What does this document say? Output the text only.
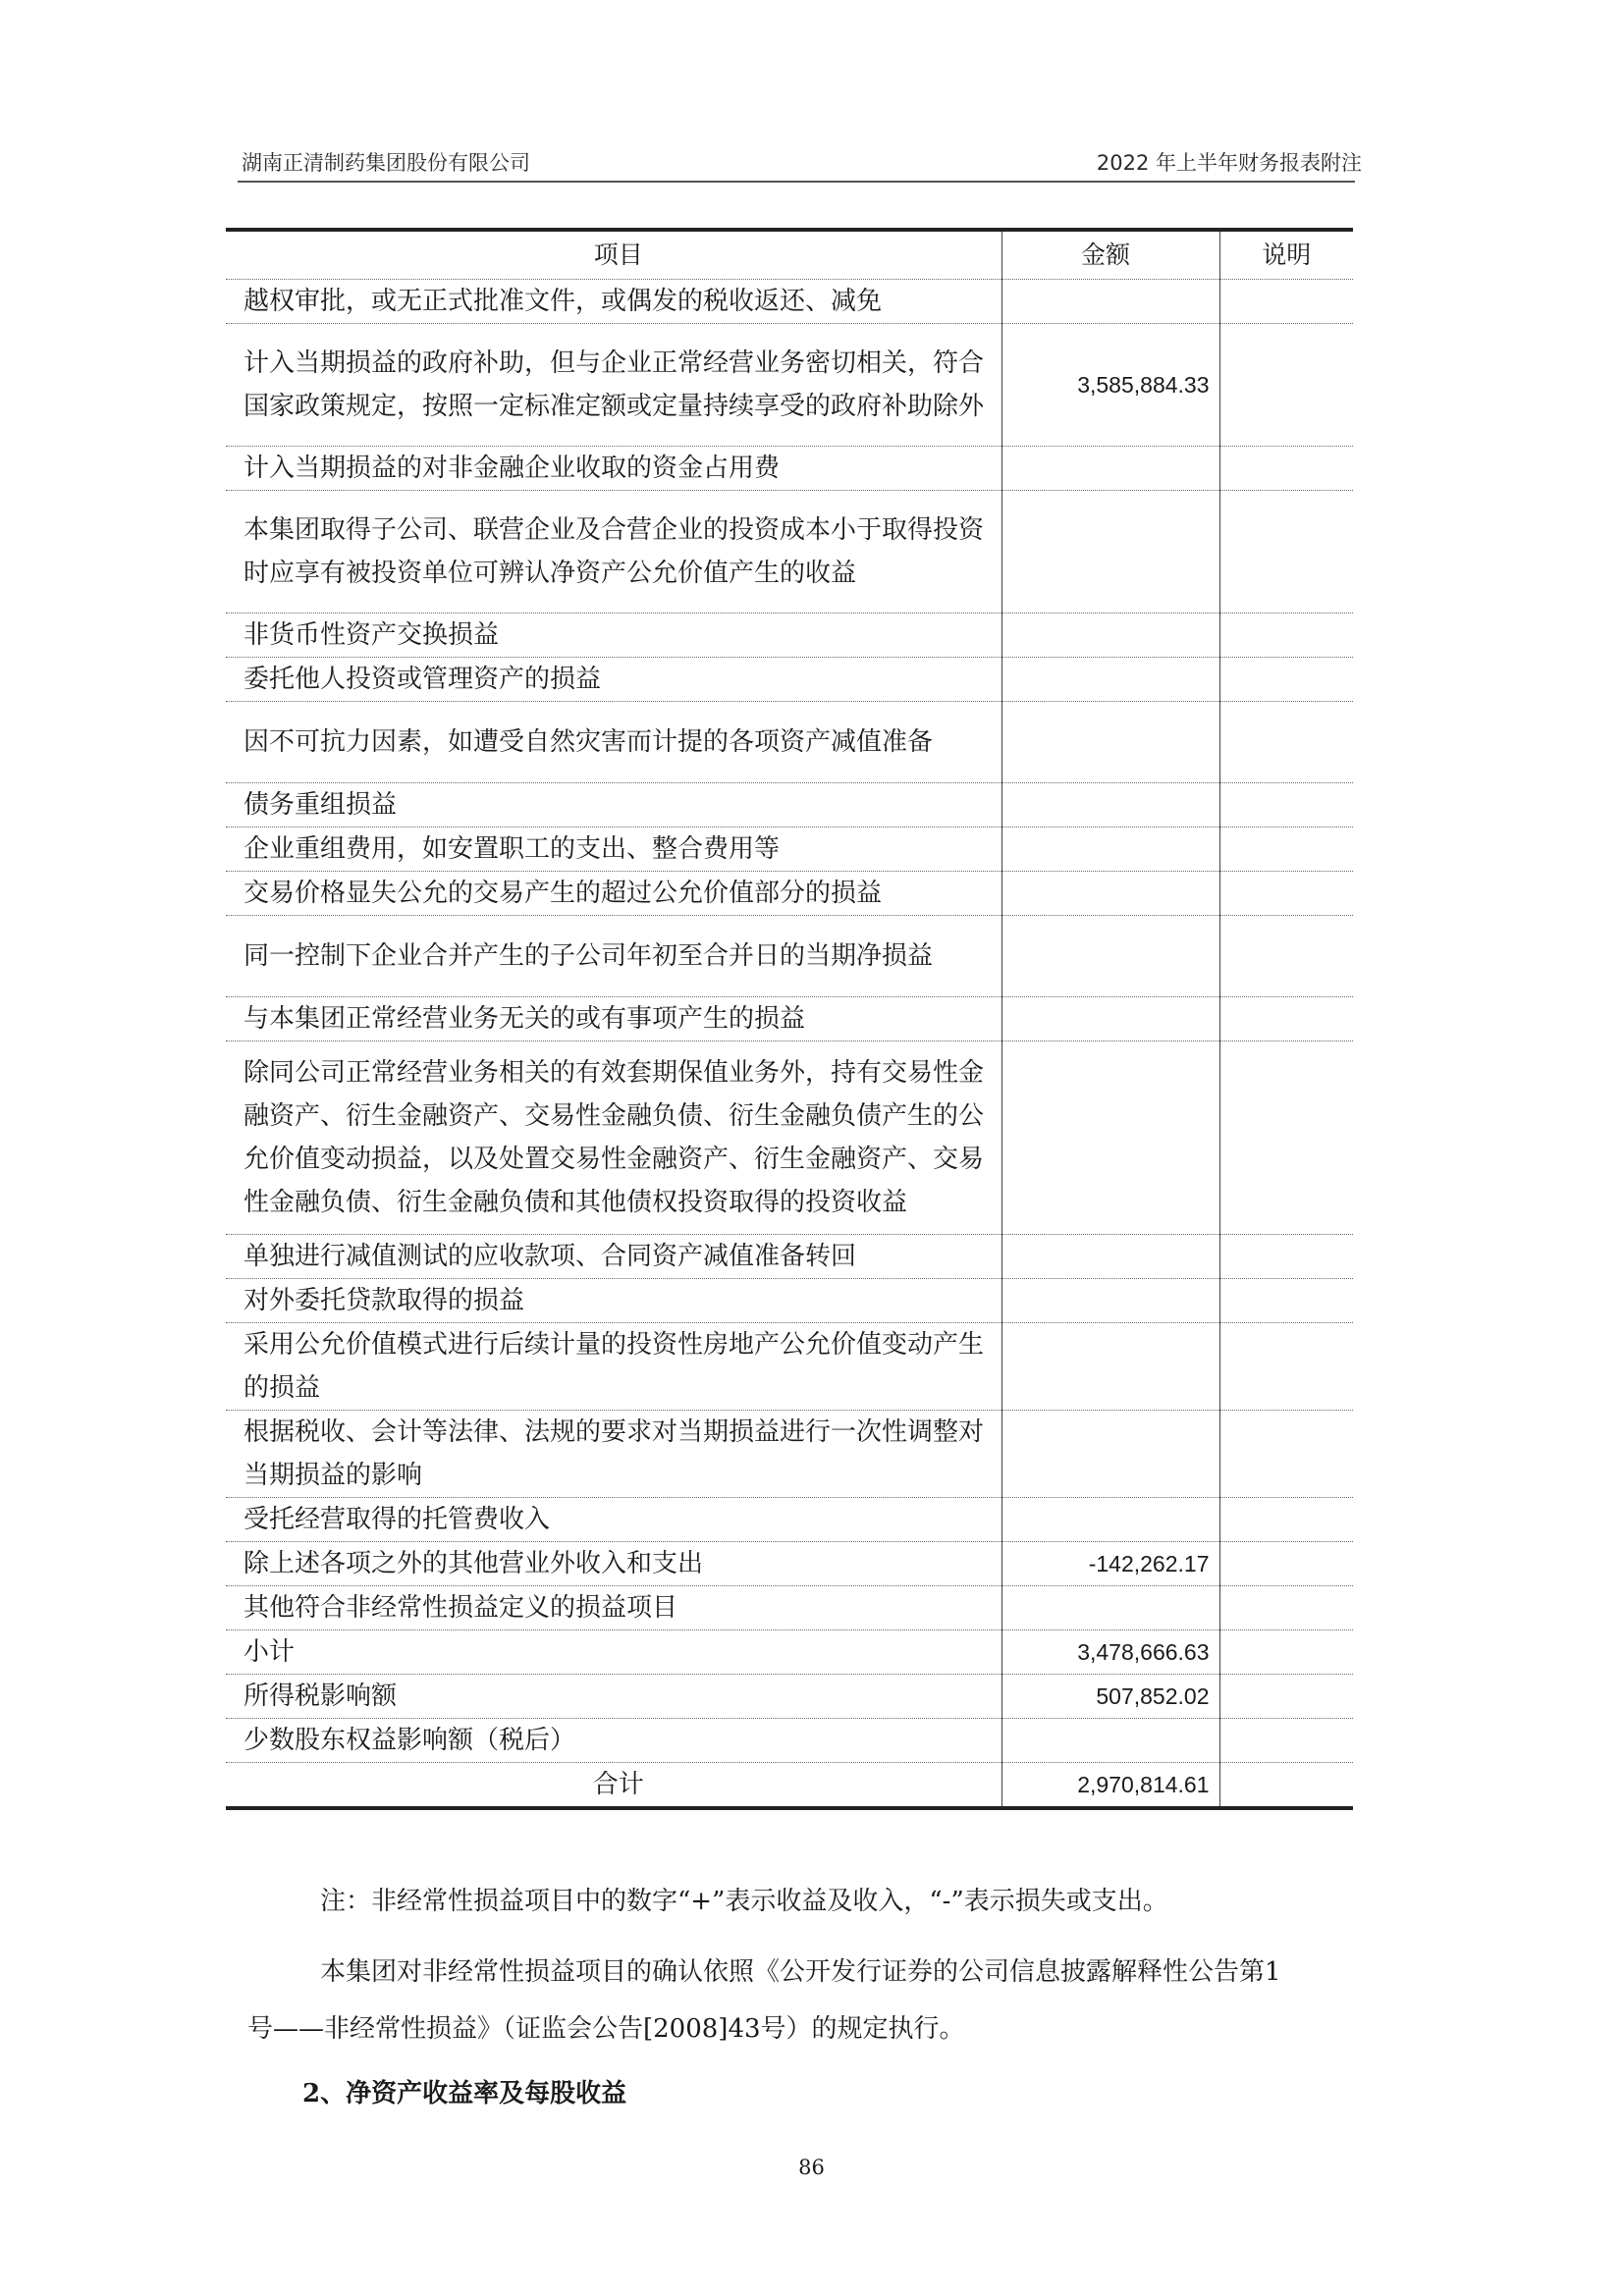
湖南正清制药集团股份有限公司	2022 年上半年财务报表附注
项目	金额	说明
越权审批，或无正式批准文件，或偶发的税收返还、减免		
计入当期损益的政府补助，但与企业正常经营业务密切相关，符合国家政策规定，按照一定标准定额或定量持续享受的政府补助除外	3,585,884.33	
计入当期损益的对非金融企业收取的资金占用费		
本集团取得子公司、联营企业及合营企业的投资成本小于取得投资时应享有被投资单位可辨认净资产公允价值产生的收益		
非货币性资产交换损益		
委托他人投资或管理资产的损益		
因不可抗力因素，如遭受自然灾害而计提的各项资产减值准备		
债务重组损益		
企业重组费用，如安置职工的支出、整合费用等		
交易价格显失公允的交易产生的超过公允价值部分的损益		
同一控制下企业合并产生的子公司年初至合并日的当期净损益		
与本集团正常经营业务无关的或有事项产生的损益		
除同公司正常经营业务相关的有效套期保值业务外，持有交易性金融资产、衍生金融资产、交易性金融负债、衍生金融负债产生的公允价值变动损益，以及处置交易性金融资产、衍生金融资产、交易性金融负债、衍生金融负债和其他债权投资取得的投资收益		
单独进行减值测试的应收款项、合同资产减值准备转回		
对外委托贷款取得的损益		
采用公允价值模式进行后续计量的投资性房地产公允价值变动产生的损益		
根据税收、会计等法律、法规的要求对当期损益进行一次性调整对当期损益的影响		
受托经营取得的托管费收入		
除上述各项之外的其他营业外收入和支出	-142,262.17	
其他符合非经常性损益定义的损益项目		
小计	3,478,666.63	
所得税影响额	507,852.02	
少数股东权益影响额（税后）		
合计	2,970,814.61	
注：非经常性损益项目中的数字“+”表示收益及收入，“-”表示损失或支出。
本集团对非经常性损益项目的确认依照《公开发行证券的公司信息披露解释性公告第1
号——非经常性损益》（证监会公告[2008]43号）的规定执行。
2、净资产收益率及每股收益
86
